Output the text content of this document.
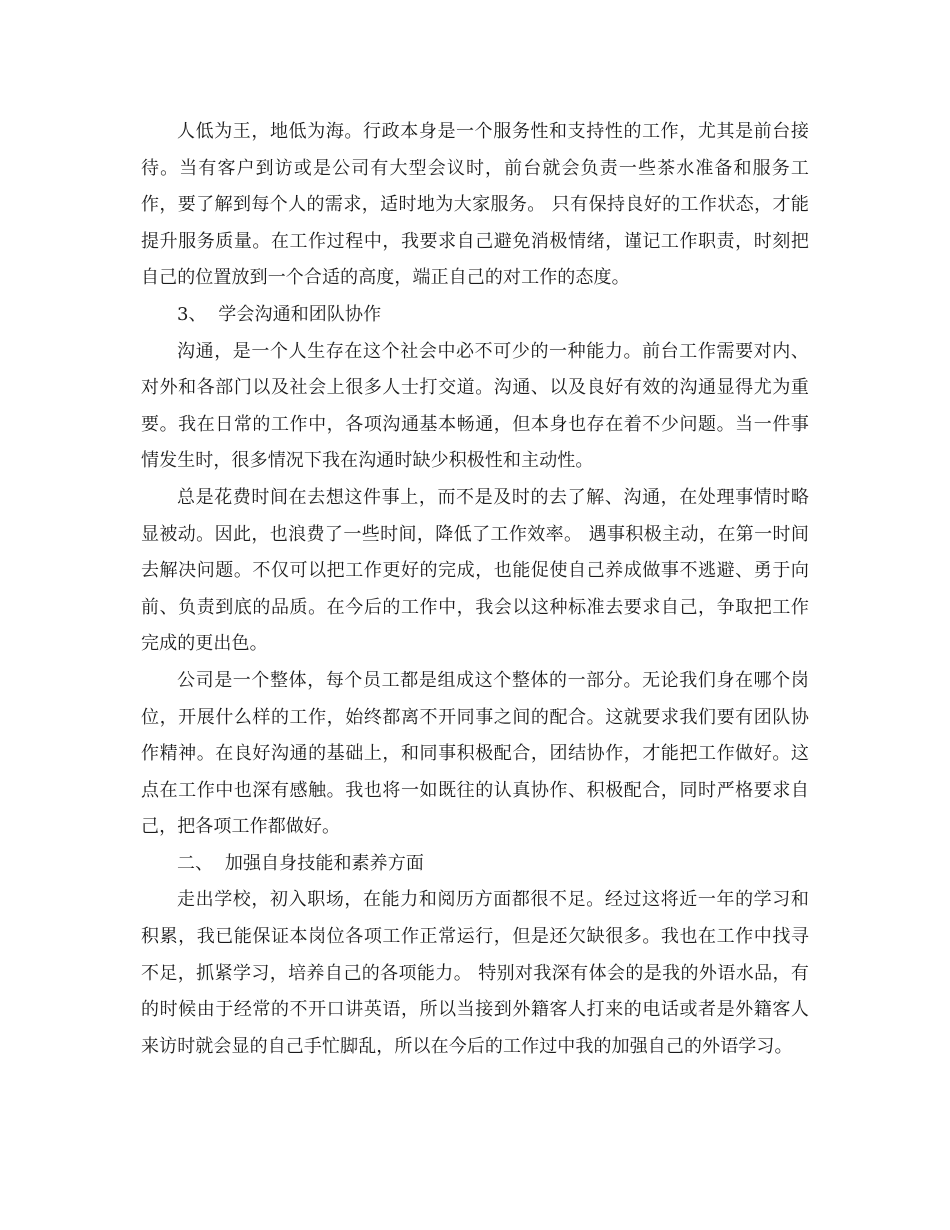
人低为王，地低为海。行政本身是一个服务性和支持性的工作，尤其是前台接待。当有客户到访或是公司有大型会议时，前台就会负责一些茶水准备和服务工作，要了解到每个人的需求，适时地为大家服务。 只有保持良好的工作状态，才能提升服务质量。在工作过程中，我要求自己避免消极情绪，谨记工作职责，时刻把自己的位置放到一个合适的高度，端正自己的对工作的态度。

3、  学会沟通和团队协作

沟通，是一个人生存在这个社会中必不可少的一种能力。前台工作需要对内、对外和各部门以及社会上很多人士打交道。沟通、以及良好有效的沟通显得尤为重要。我在日常的工作中，各项沟通基本畅通，但本身也存在着不少问题。当一件事情发生时，很多情况下我在沟通时缺少积极性和主动性。

总是花费时间在去想这件事上，而不是及时的去了解、沟通，在处理事情时略显被动。因此，也浪费了一些时间，降低了工作效率。 遇事积极主动，在第一时间去解决问题。不仅可以把工作更好的完成，也能促使自己养成做事不逃避、勇于向前、负责到底的品质。在今后的工作中，我会以这种标准去要求自己，争取把工作完成的更出色。

公司是一个整体，每个员工都是组成这个整体的一部分。无论我们身在哪个岗位，开展什么样的工作，始终都离不开同事之间的配合。这就要求我们要有团队协作精神。在良好沟通的基础上，和同事积极配合，团结协作，才能把工作做好。这点在工作中也深有感触。我也将一如既往的认真协作、积极配合，同时严格要求自己，把各项工作都做好。

二、  加强自身技能和素养方面

走出学校，初入职场，在能力和阅历方面都很不足。经过这将近一年的学习和积累，我已能保证本岗位各项工作正常运行，但是还欠缺很多。我也在工作中找寻不足，抓紧学习，培养自己的各项能力。 特别对我深有体会的是我的外语水品，有的时候由于经常的不开口讲英语，所以当接到外籍客人打来的电话或者是外籍客人来访时就会显的自己手忙脚乱，所以在今后的工作过中我的加强自己的外语学习。
